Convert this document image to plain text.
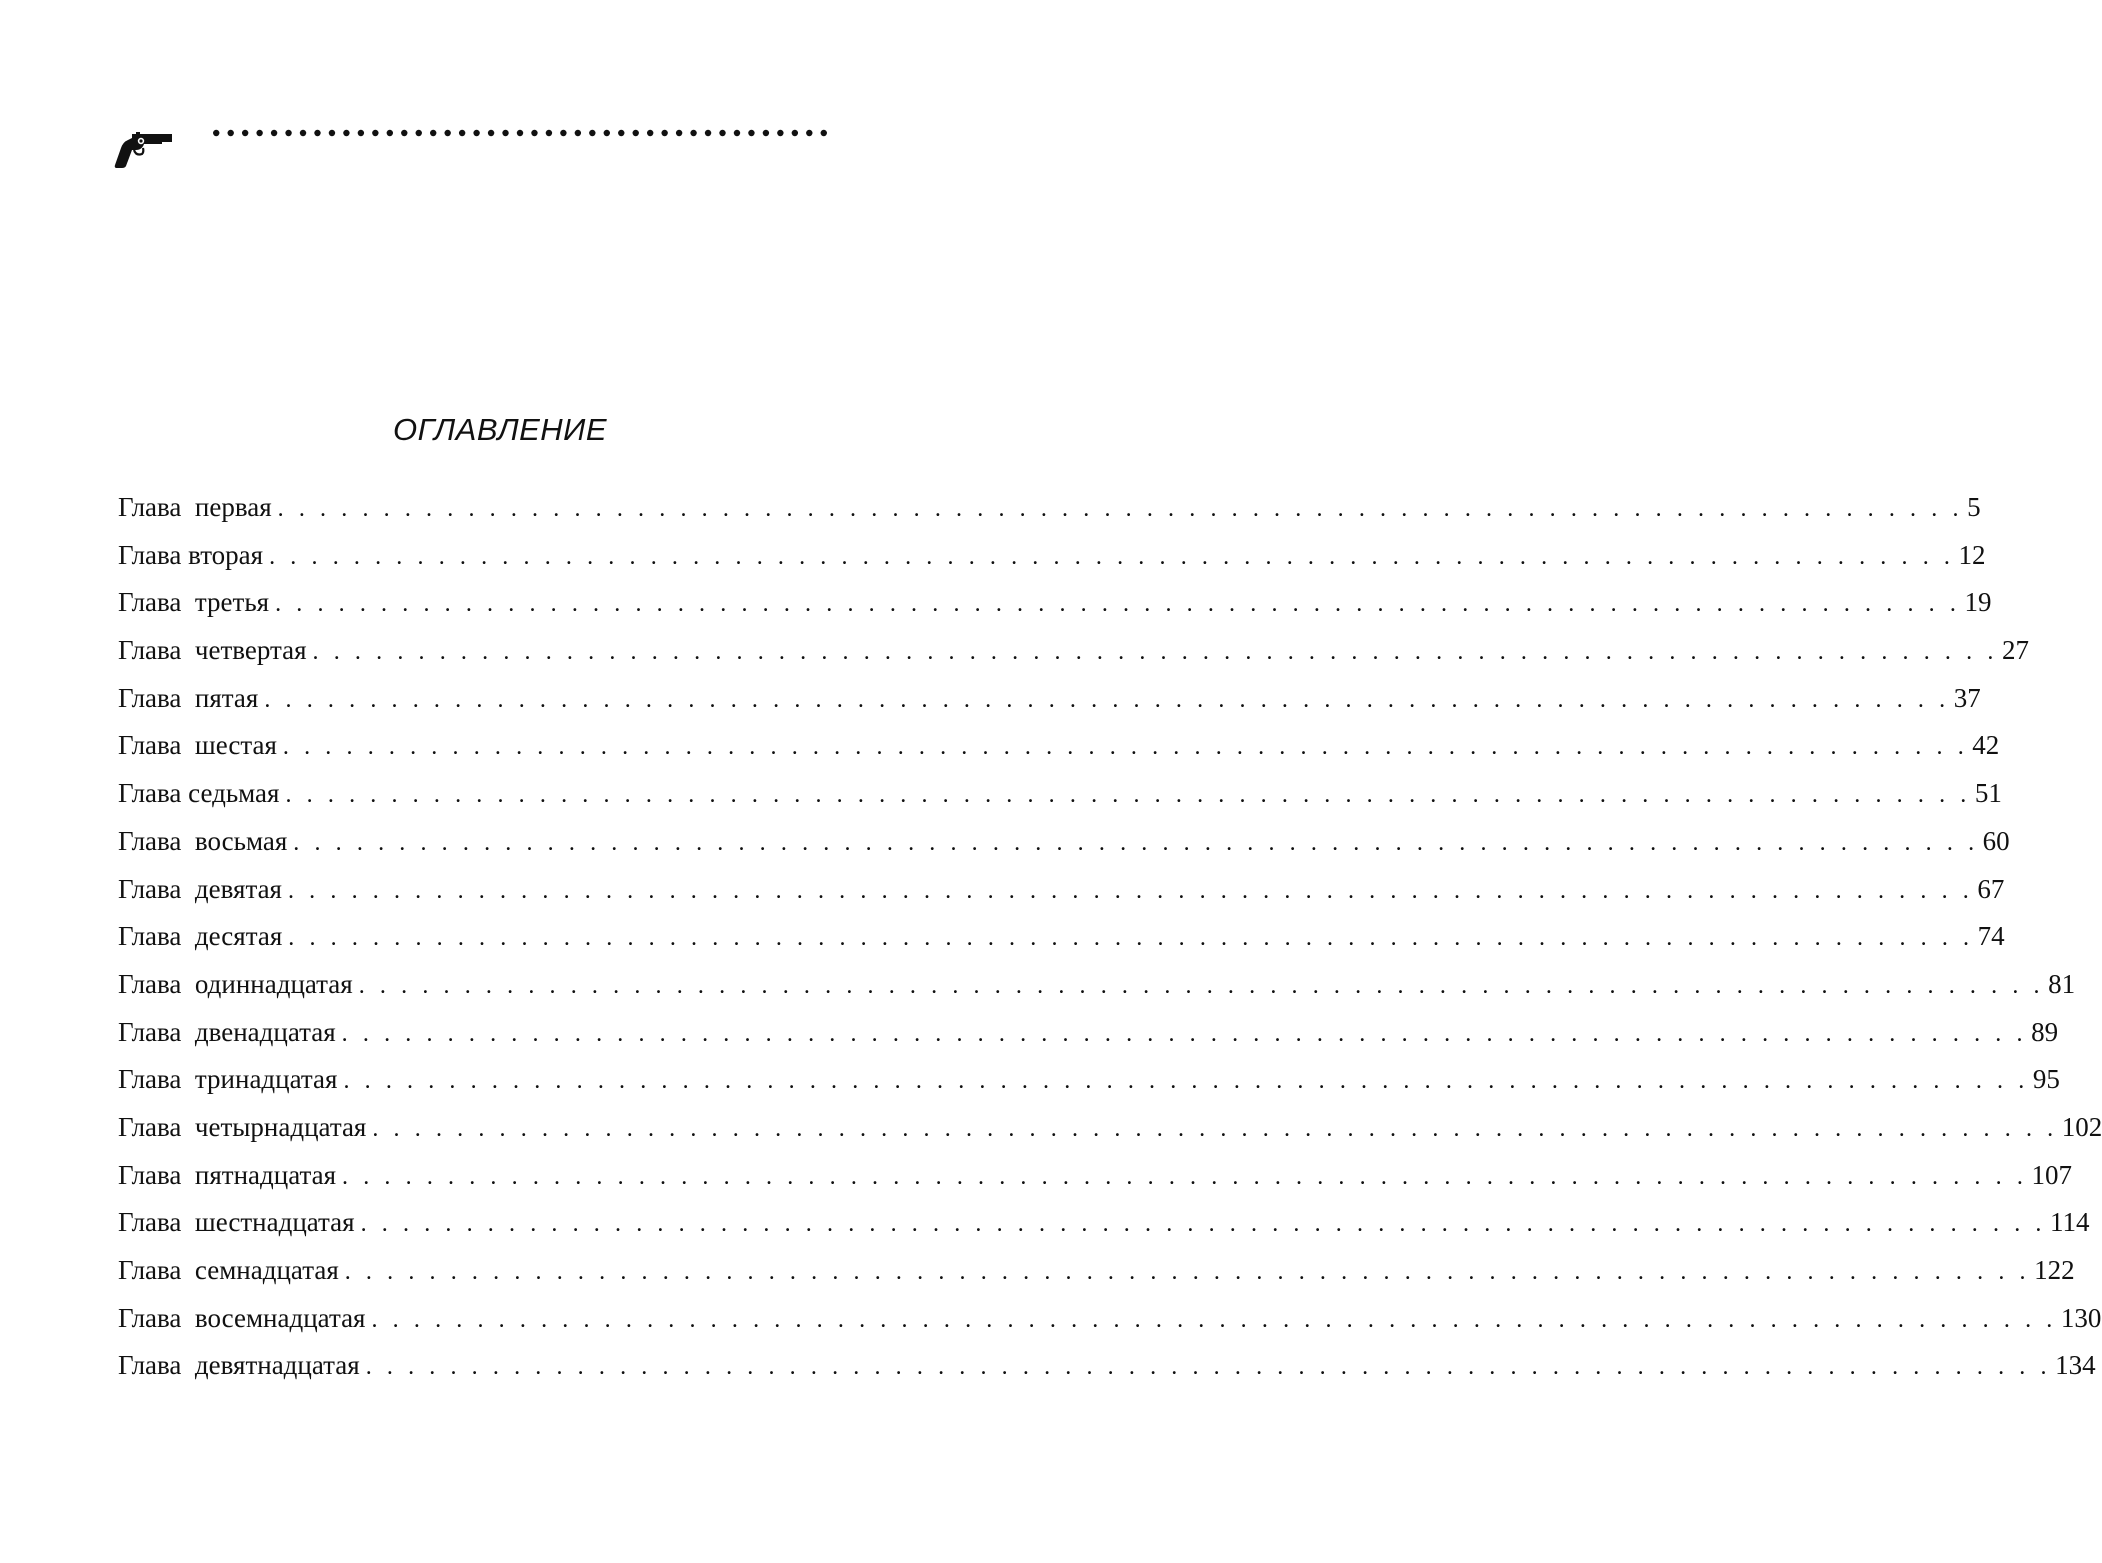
ОГЛАВЛЕНИЕ
Глава  первая . . . . . . . . . . . . . . . . . . . . . . . . . . . . . . . . . . . . . . . . . . . . . . . . . . . . . . . . . . . . . . . . . . . . . . . . . . . . . . . . 5
Глава вторая . . . . . . . . . . . . . . . . . . . . . . . . . . . . . . . . . . . . . . . . . . . . . . . . . . . . . . . . . . . . . . . . . . . . . . . . . . . . . . . . 12
Глава  третья . . . . . . . . . . . . . . . . . . . . . . . . . . . . . . . . . . . . . . . . . . . . . . . . . . . . . . . . . . . . . . . . . . . . . . . . . . . . . . . . 19
Глава  четвертая . . . . . . . . . . . . . . . . . . . . . . . . . . . . . . . . . . . . . . . . . . . . . . . . . . . . . . . . . . . . . . . . . . . . . . . . . . . . . . . . 27
Глава  пятая . . . . . . . . . . . . . . . . . . . . . . . . . . . . . . . . . . . . . . . . . . . . . . . . . . . . . . . . . . . . . . . . . . . . . . . . . . . . . . . . 37
Глава  шестая . . . . . . . . . . . . . . . . . . . . . . . . . . . . . . . . . . . . . . . . . . . . . . . . . . . . . . . . . . . . . . . . . . . . . . . . . . . . . . . . 42
Глава седьмая . . . . . . . . . . . . . . . . . . . . . . . . . . . . . . . . . . . . . . . . . . . . . . . . . . . . . . . . . . . . . . . . . . . . . . . . . . . . . . . . 51
Глава  восьмая . . . . . . . . . . . . . . . . . . . . . . . . . . . . . . . . . . . . . . . . . . . . . . . . . . . . . . . . . . . . . . . . . . . . . . . . . . . . . . . . 60
Глава  девятая . . . . . . . . . . . . . . . . . . . . . . . . . . . . . . . . . . . . . . . . . . . . . . . . . . . . . . . . . . . . . . . . . . . . . . . . . . . . . . . . 67
Глава  десятая . . . . . . . . . . . . . . . . . . . . . . . . . . . . . . . . . . . . . . . . . . . . . . . . . . . . . . . . . . . . . . . . . . . . . . . . . . . . . . . . 74
Глава  одиннадцатая . . . . . . . . . . . . . . . . . . . . . . . . . . . . . . . . . . . . . . . . . . . . . . . . . . . . . . . . . . . . . . . . . . . . . . . . . . . . . . . . 81
Глава  двенадцатая . . . . . . . . . . . . . . . . . . . . . . . . . . . . . . . . . . . . . . . . . . . . . . . . . . . . . . . . . . . . . . . . . . . . . . . . . . . . . . . . 89
Глава  тринадцатая . . . . . . . . . . . . . . . . . . . . . . . . . . . . . . . . . . . . . . . . . . . . . . . . . . . . . . . . . . . . . . . . . . . . . . . . . . . . . . . . 95
Глава  четырнадцатая . . . . . . . . . . . . . . . . . . . . . . . . . . . . . . . . . . . . . . . . . . . . . . . . . . . . . . . . . . . . . . . . . . . . . . . . . . . . . . . . 102
Глава  пятнадцатая . . . . . . . . . . . . . . . . . . . . . . . . . . . . . . . . . . . . . . . . . . . . . . . . . . . . . . . . . . . . . . . . . . . . . . . . . . . . . . . . 107
Глава  шестнадцатая . . . . . . . . . . . . . . . . . . . . . . . . . . . . . . . . . . . . . . . . . . . . . . . . . . . . . . . . . . . . . . . . . . . . . . . . . . . . . . . . 114
Глава  семнадцатая . . . . . . . . . . . . . . . . . . . . . . . . . . . . . . . . . . . . . . . . . . . . . . . . . . . . . . . . . . . . . . . . . . . . . . . . . . . . . . . . 122
Глава  восемнадцатая . . . . . . . . . . . . . . . . . . . . . . . . . . . . . . . . . . . . . . . . . . . . . . . . . . . . . . . . . . . . . . . . . . . . . . . . . . . . . . . . 130
Глава  девятнадцатая . . . . . . . . . . . . . . . . . . . . . . . . . . . . . . . . . . . . . . . . . . . . . . . . . . . . . . . . . . . . . . . . . . . . . . . . . . . . . . . . 134
